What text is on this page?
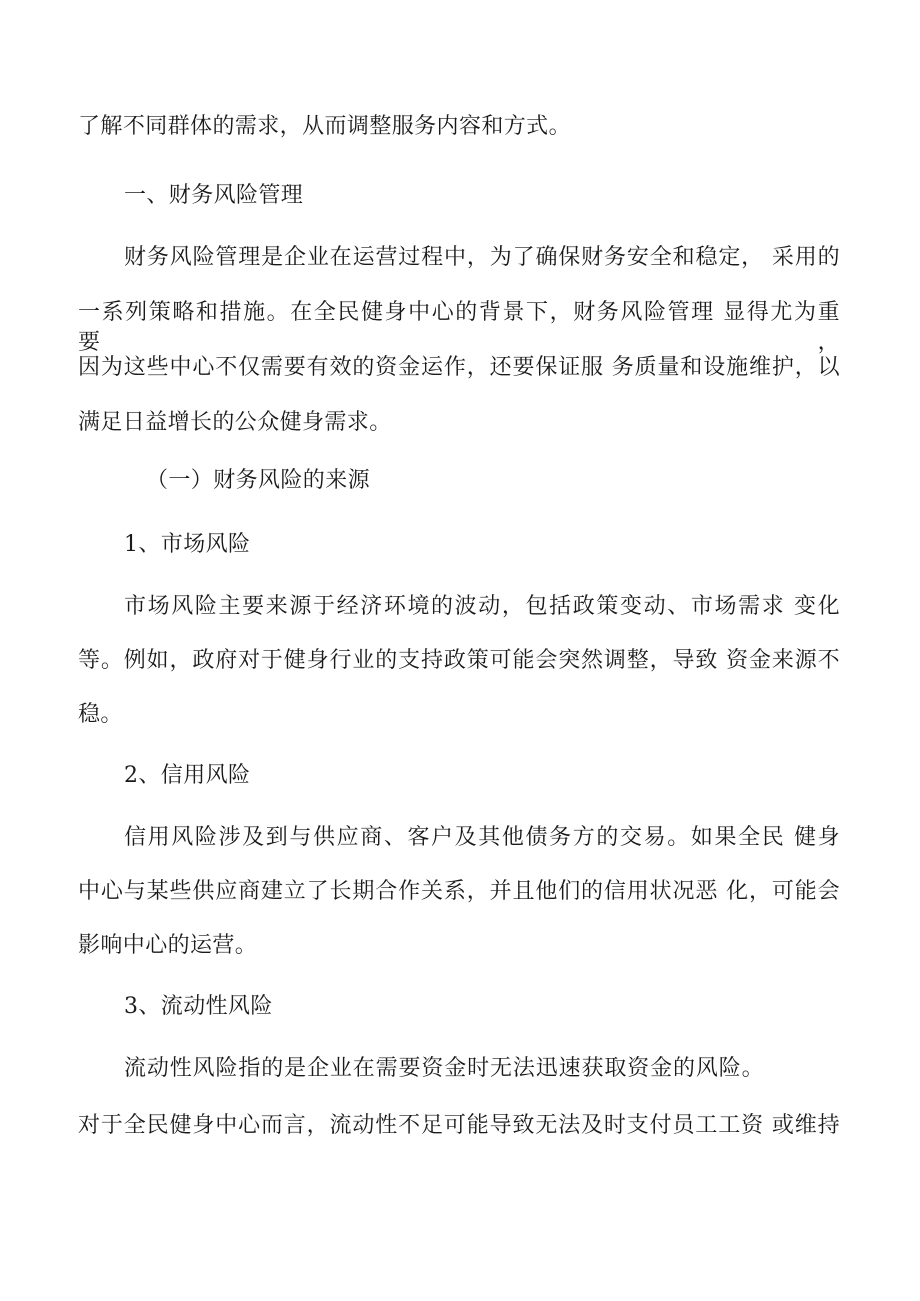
了解不同群体的需求，从而调整服务内容和方式。
一、财务风险管理
财务风险管理是企业在运营过程中，为了确保财务安全和稳定， 采用的
一系列策略和措施。在全民健身中心的背景下，财务风险管理 显得尤为重要，
因为这些中心不仅需要有效的资金运作，还要保证服 务质量和设施维护，以
满足日益增长的公众健身需求。
（一）财务风险的来源
1、市场风险
市场风险主要来源于经济环境的波动，包括政策变动、市场需求 变化
等。例如，政府对于健身行业的支持政策可能会突然调整，导致 资金来源不
稳。
2、信用风险
信用风险涉及到与供应商、客户及其他债务方的交易。如果全民 健身
中心与某些供应商建立了长期合作关系，并且他们的信用状况恶 化，可能会
影响中心的运营。
3、流动性风险
流动性风险指的是企业在需要资金时无法迅速获取资金的风险。
对于全民健身中心而言，流动性不足可能导致无法及时支付员工工资 或维持
